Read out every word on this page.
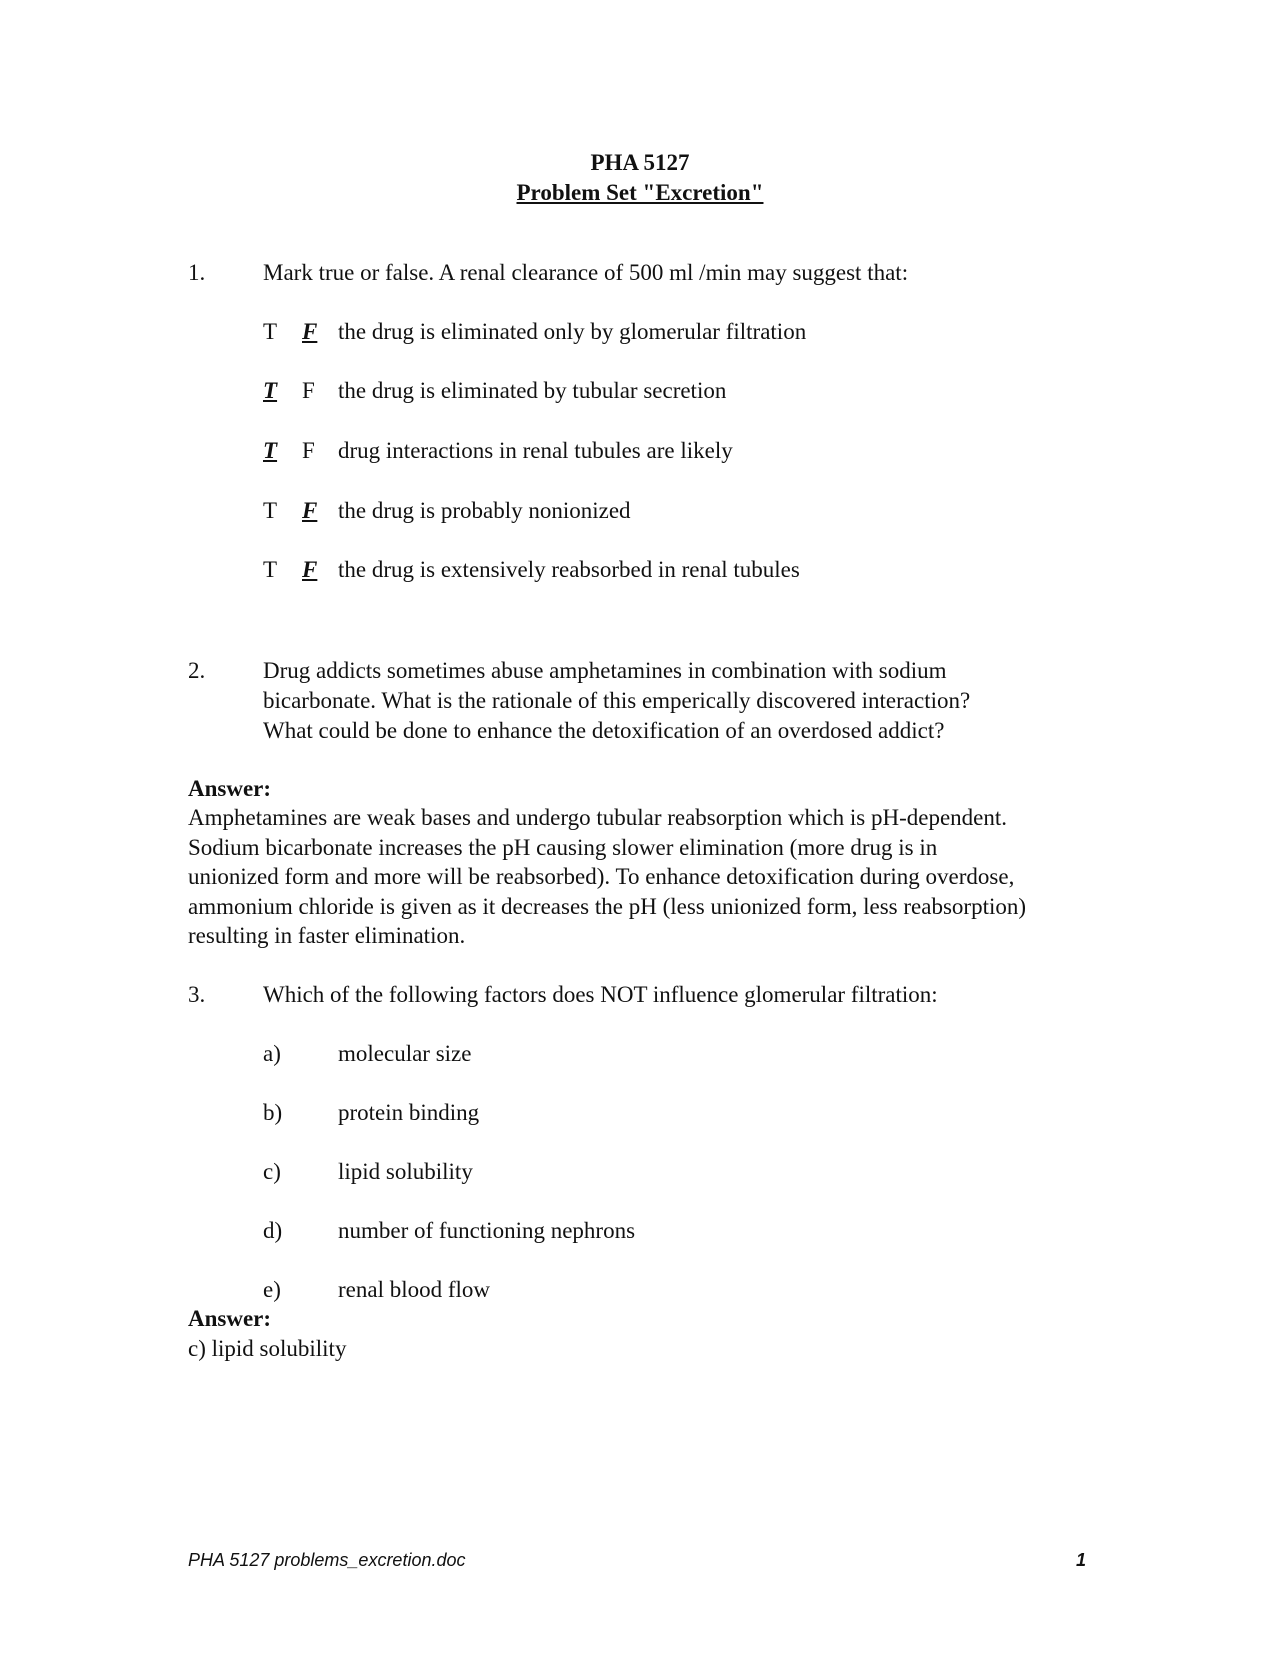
PHA 5127
Problem Set "Excretion"
1.	Mark true or false. A renal clearance of 500 ml /min may suggest that:
T F the drug is eliminated only by glomerular filtration
T F the drug is eliminated by tubular secretion
T F drug interactions in renal tubules are likely
T F the drug is probably nonionized
T F the drug is extensively reabsorbed in renal tubules
2.	Drug addicts sometimes abuse amphetamines in combination with sodium
bicarbonate. What is the rationale of this emperically discovered interaction?
What could be done to enhance the detoxification of an overdosed addict?
Answer:
Amphetamines are weak bases and undergo tubular reabsorption which is pH-dependent.
Sodium bicarbonate increases the pH causing slower elimination (more drug is in
unionized form and more will be reabsorbed). To enhance detoxification during overdose,
ammonium chloride is given as it decreases the pH (less unionized form, less reabsorption)
resulting in faster elimination.
3.	Which of the following factors does NOT influence glomerular filtration:
a) molecular size
b) protein binding
c) lipid solubility
d) number of functioning nephrons
e) renal blood flow
Answer:
c) lipid solubility
PHA 5127 problems_excretion.doc	1
